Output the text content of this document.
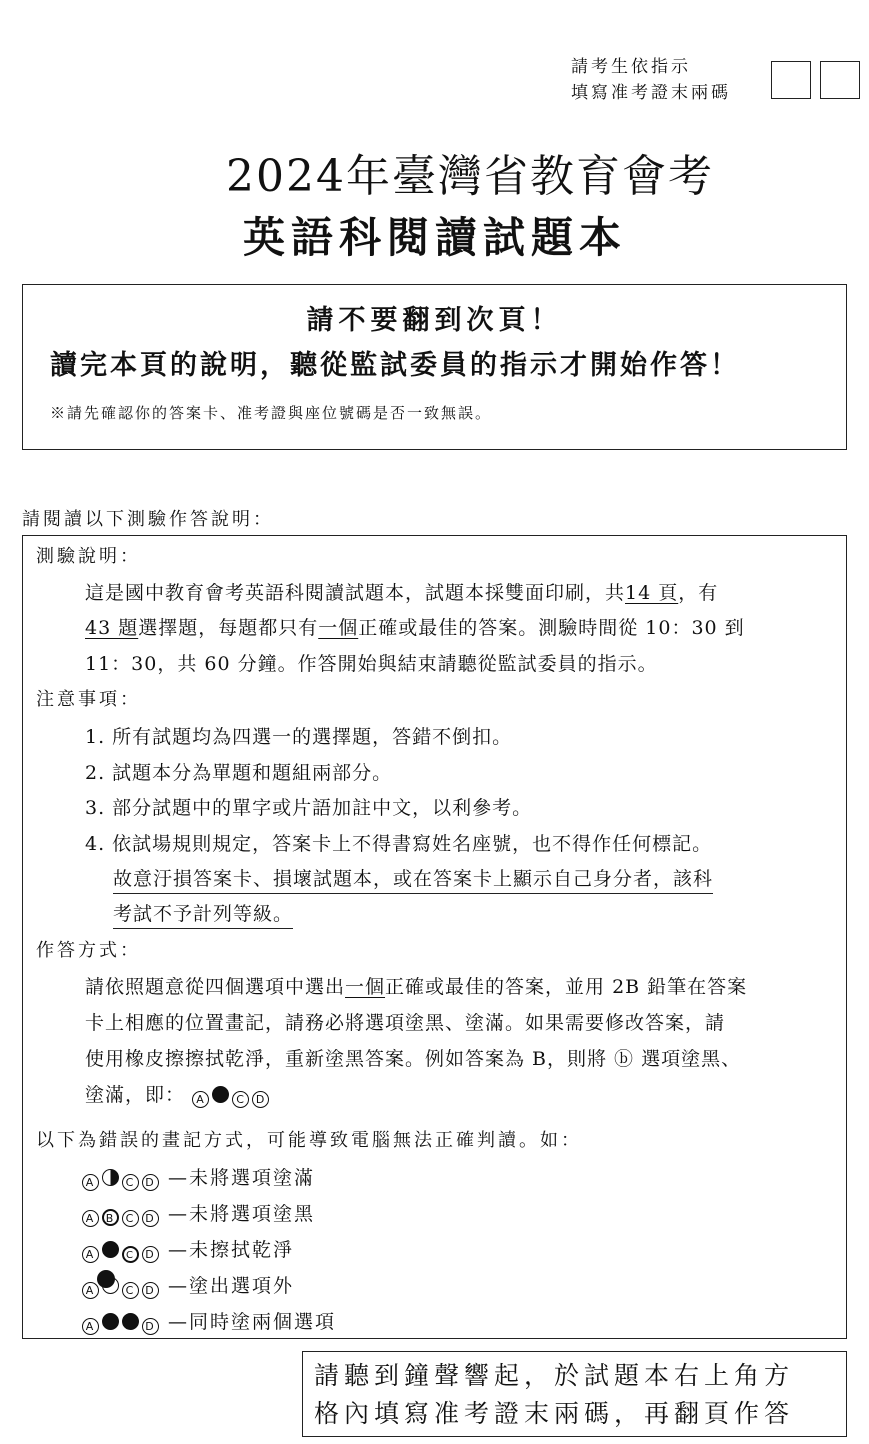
請考生依指示
填寫准考證末兩碼
2024年臺灣省教育會考
英語科閱讀試題本
請不要翻到次頁！
讀完本頁的說明，聽從監試委員的指示才開始作答！
※請先確認你的答案卡、准考證與座位號碼是否一致無誤。
請閱讀以下測驗作答說明：
測驗說明：
這是國中教育會考英語科閱讀試題本，試題本採雙面印刷，共14 頁，有
43 題選擇題，每題都只有一個正確或最佳的答案。測驗時間從 10：30 到
11：30，共 60 分鐘。作答開始與結束請聽從監試委員的指示。
注意事項：
1. 所有試題均為四選一的選擇題，答錯不倒扣。
2. 試題本分為單題和題組兩部分。
3. 部分試題中的單字或片語加註中文，以利參考。
4. 依試場規則規定，答案卡上不得書寫姓名座號，也不得作任何標記。
故意汙損答案卡、損壞試題本，或在答案卡上顯示自己身分者，該科
考試不予計列等級。
作答方式：
請依照題意從四個選項中選出一個正確或最佳的答案，並用 2B 鉛筆在答案
卡上相應的位置畫記，請務必將選項塗黑、塗滿。如果需要修改答案，請
使用橡皮擦擦拭乾淨，重新塗黑答案。例如答案為 B，則將 ⓑ 選項塗黑、
塗滿，即： A	C D
以下為錯誤的畫記方式，可能導致電腦無法正確判讀。如：
A	C D —未將選項塗滿
A B C D —未將選項塗黑
A	C D —未擦拭乾淨
A	C D —塗出選項外
A	D —同時塗兩個選項
請聽到鐘聲響起，於試題本右上角方
格內填寫准考證末兩碼，再翻頁作答
